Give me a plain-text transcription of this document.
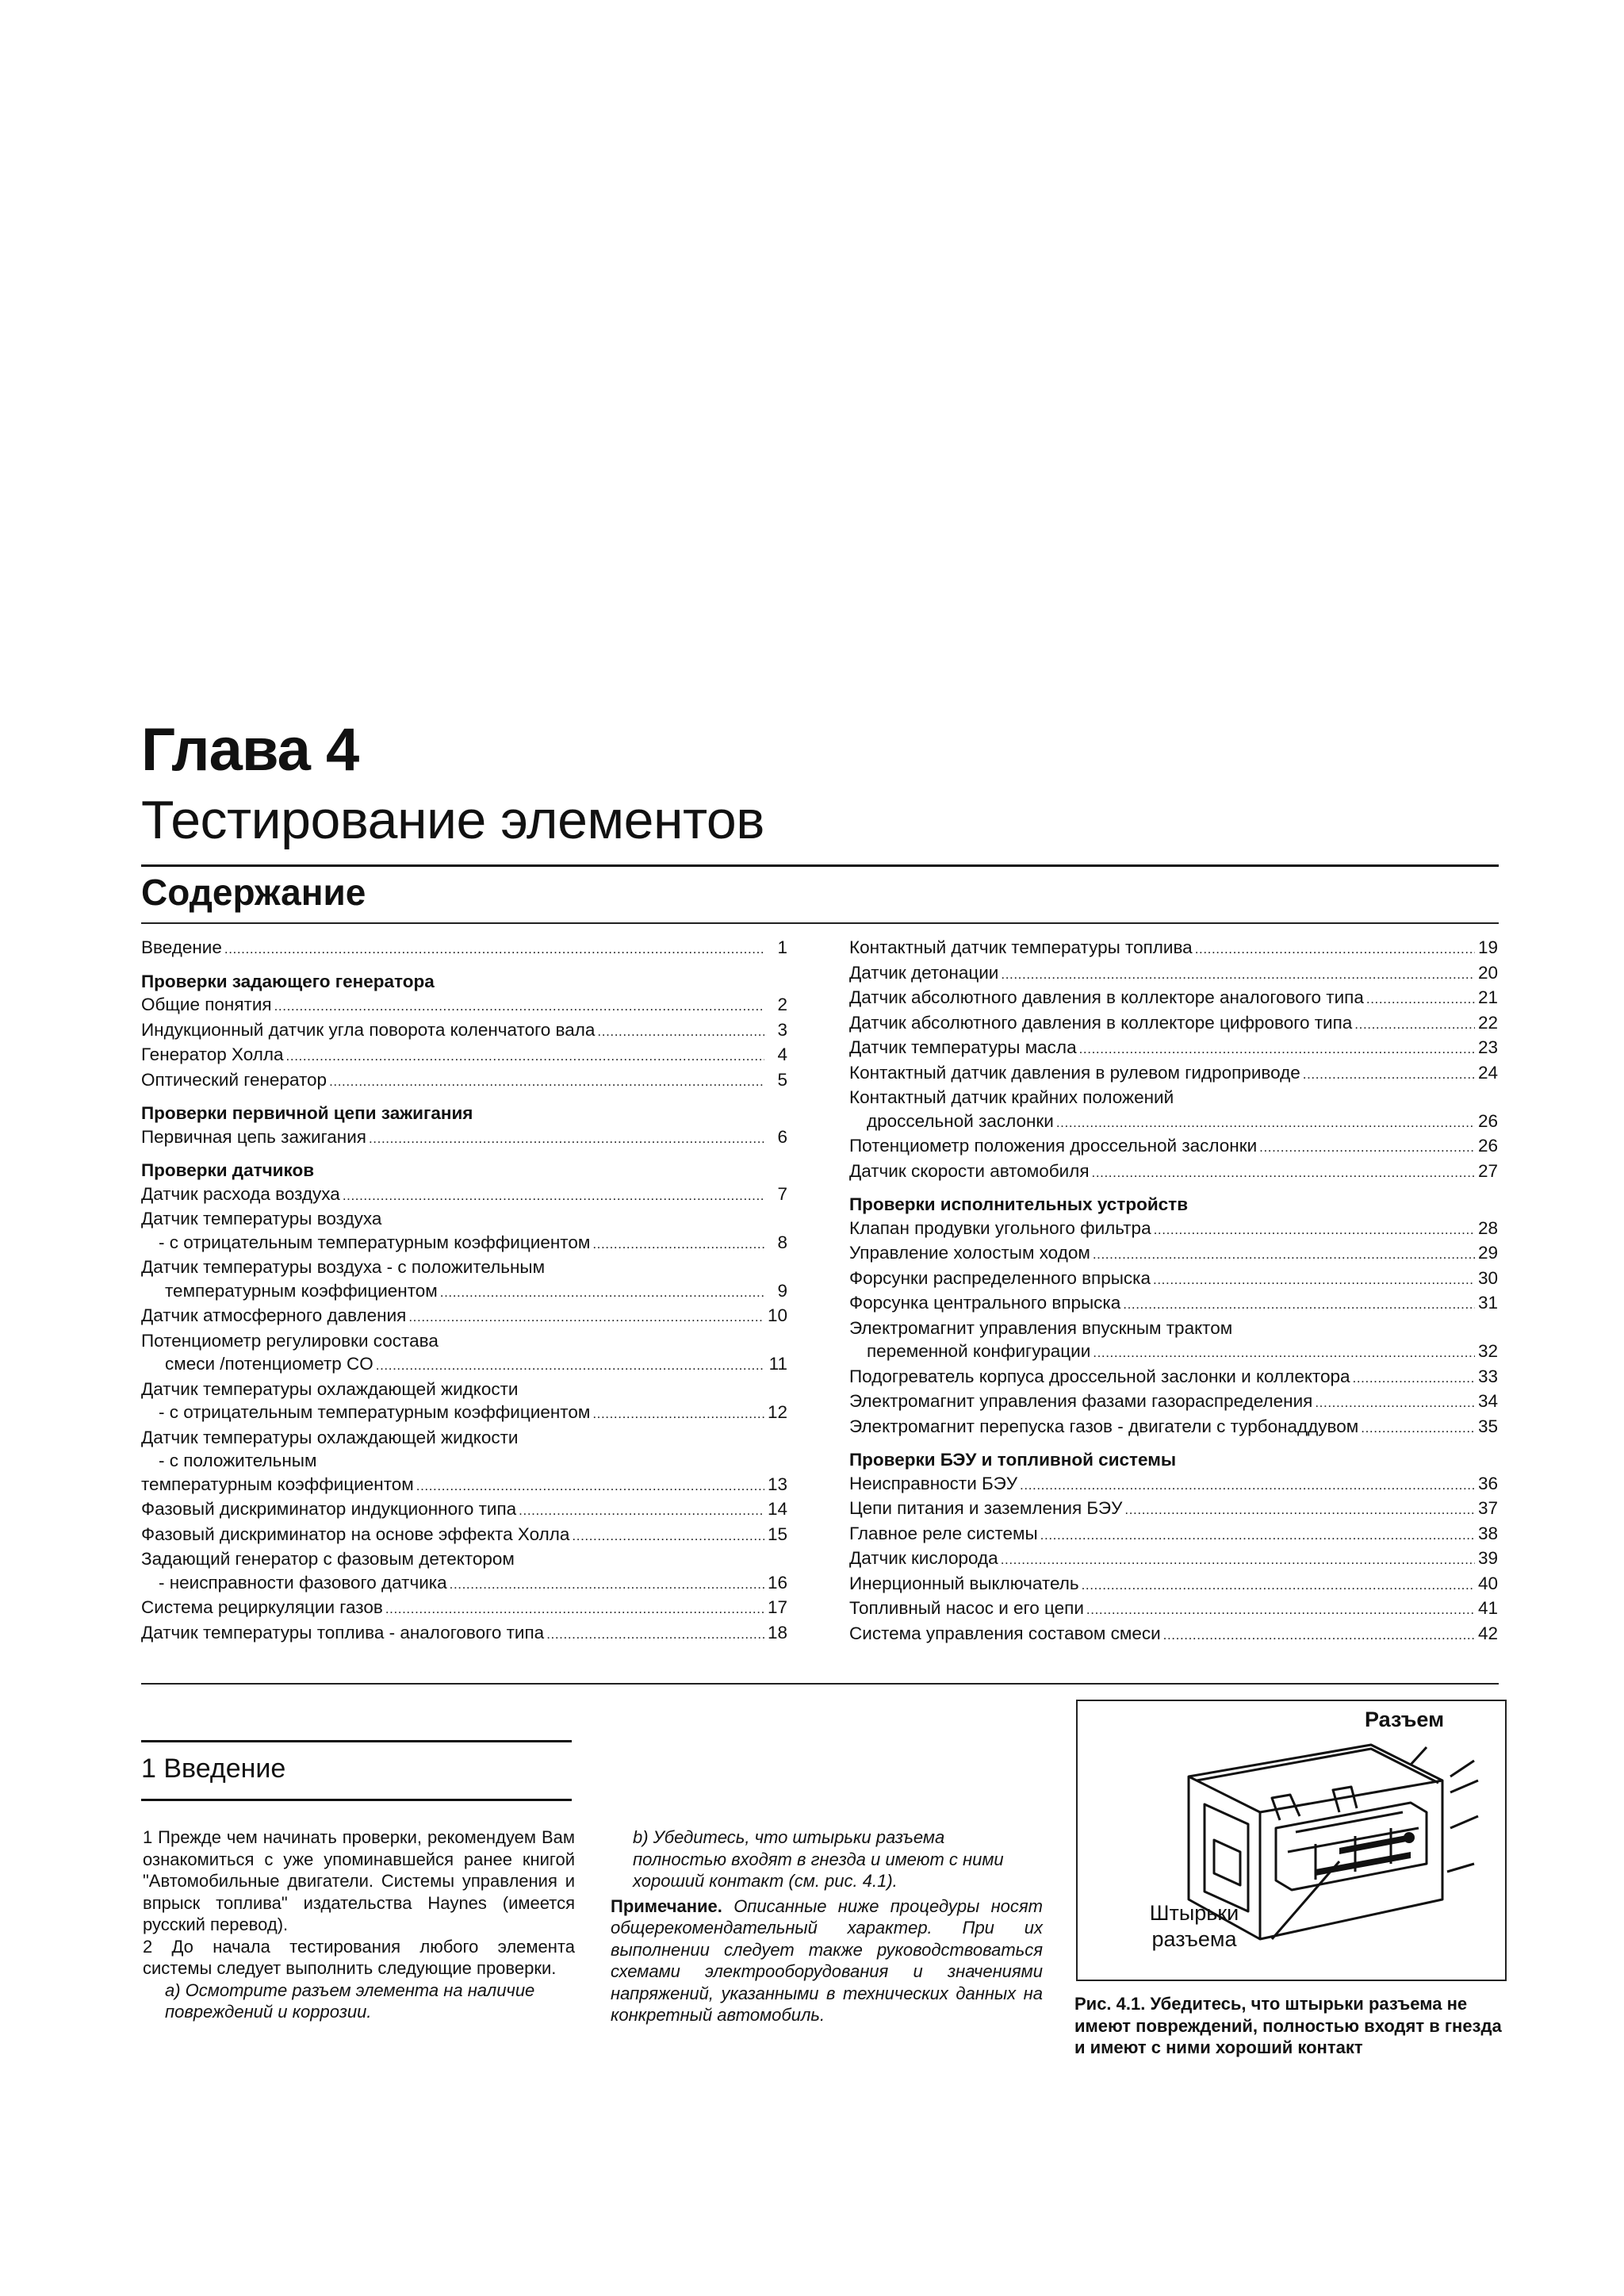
Глава 4
Тестирование элементов
Содержание
Введение .....	1
Проверки задающего генератора
Общие понятия .....	2
Индукционный датчик угла поворота коленчатого вала .....	3
Генератор Холла .....	4
Оптический генератор .....	5
Проверки первичной цепи зажигания
Первичная цепь зажигания .....	6
Проверки датчиков
Датчик расхода воздуха .....	7
Датчик температуры воздуха
- с отрицательным температурным коэффициентом .....	8
Датчик температуры воздуха - с положительным
температурным коэффициентом .....	9
Датчик атмосферного давления .....	10
Потенциометр регулировки состава
смеси /потенциометр CO .....	11
Датчик температуры охлаждающей жидкости
- с отрицательным температурным коэффициентом .....	12
Датчик температуры охлаждающей жидкости
- с положительным
температурным коэффициентом .....	13
Фазовый дискриминатор индукционного типа .....	14
Фазовый дискриминатор на основе эффекта Холла .....	15
Задающий генератор с фазовым детектором
- неисправности фазового датчика .....	16
Система рециркуляции газов .....	17
Датчик температуры топлива - аналогового типа .....	18
Контактный датчик температуры топлива .....	19
Датчик детонации .....	20
Датчик абсолютного давления в коллекторе аналогового типа .....	21
Датчик абсолютного давления в коллекторе цифрового типа .....	22
Датчик температуры масла .....	23
Контактный датчик давления в рулевом гидроприводе .....	24
Контактный датчик крайних положений
дроссельной заслонки .....	26
Потенциометр положения дроссельной заслонки .....	26
Датчик скорости автомобиля .....	27
Проверки исполнительных устройств
Клапан продувки угольного фильтра .....	28
Управление холостым ходом .....	29
Форсунки распределенного впрыска .....	30
Форсунка центрального впрыска .....	31
Электромагнит управления впускным трактом
переменной конфигурации .....	32
Подогреватель корпуса дроссельной заслонки и коллектора .....	33
Электромагнит управления фазами газораспределения .....	34
Электромагнит перепуска газов - двигатели с турбонаддувом .....	35
Проверки БЭУ и топливной системы
Неисправности БЭУ .....	36
Цепи питания и заземления БЭУ .....	37
Главное реле системы .....	38
Датчик кислорода .....	39
Инерционный выключатель .....	40
Топливный насос и его цепи .....	41
Система управления составом смеси .....	42
1 Введение

1 Прежде чем начинать проверки, рекомендуем Вам ознакомиться с уже упоминавшейся ранее книгой "Автомобильные двигатели. Системы управления и впрыск топлива" издательства Haynes (имеется русский перевод).

2 До начала тестирования любого элемента системы следует выполнить следующие проверки.

a) Осмотрите разъем элемента на наличие повреждений и коррозии.

b) Убедитесь, что штырьки разъема полностью входят в гнезда и имеют с ними хороший контакт (см. рис. 4.1).

Примечание. Описанные ниже процедуры носят общерекомендательный характер. При их выполнении следует также руководствоваться схемами электрооборудования и значениями напряжений, указанными в технических данных на конкретный автомобиль.

Разъем
Штырьки
разъема
Рис. 4.1. Убедитесь, что штырьки разъема не имеют повреждений, полностью входят в гнезда и имеют с ними хороший контакт
